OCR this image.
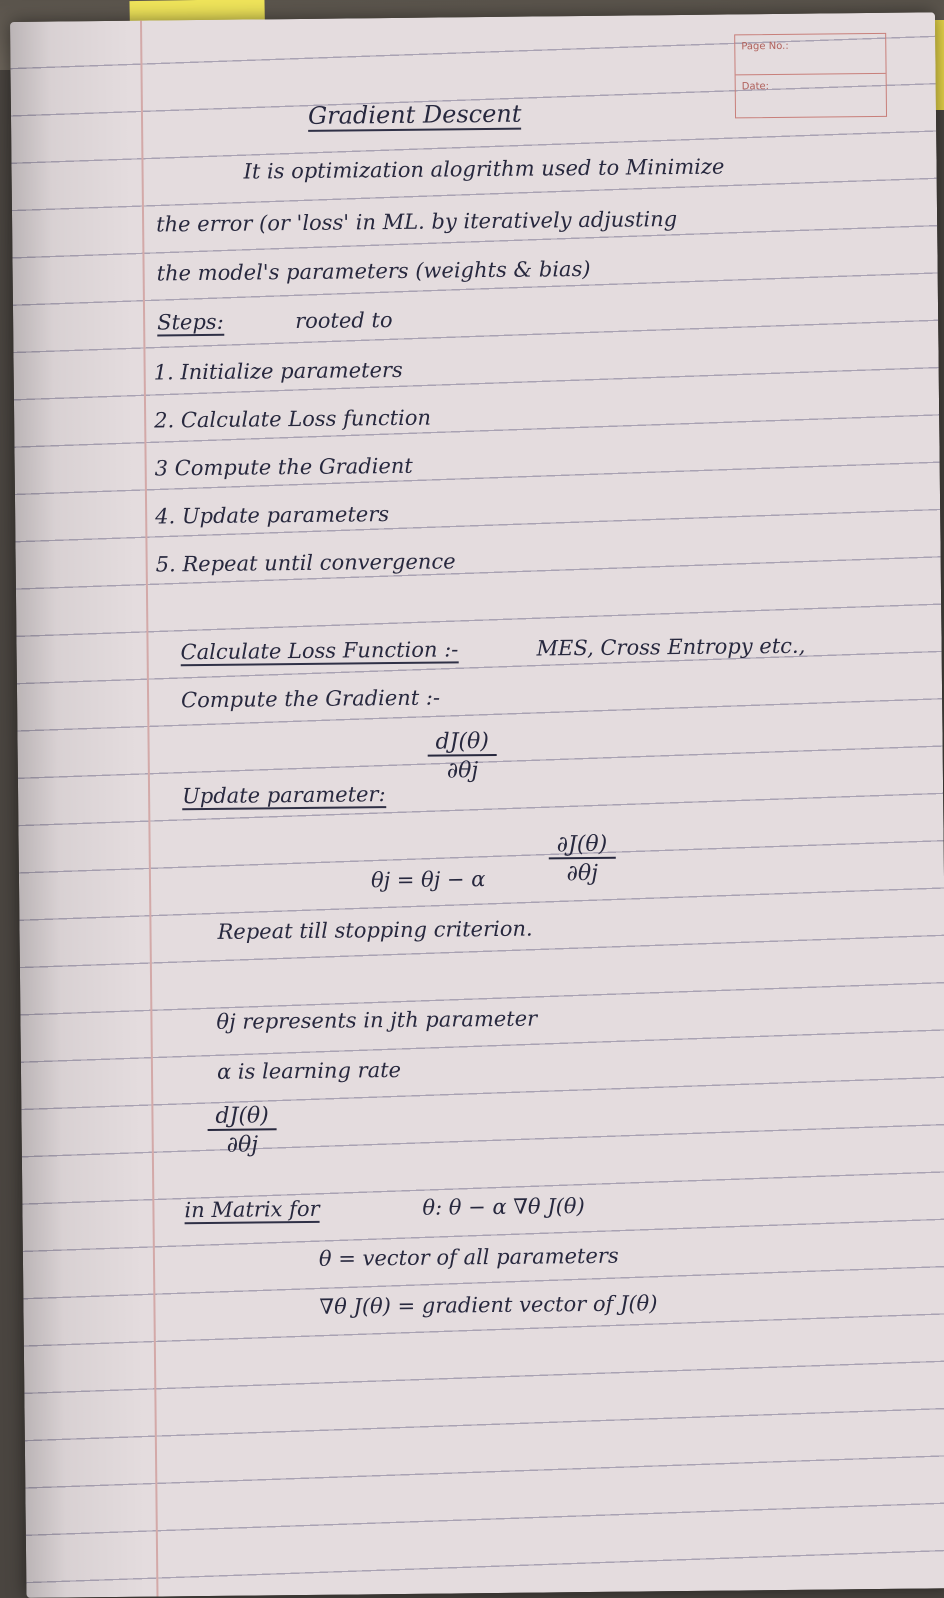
Page No.:
Date:
Gradient Descent
It is optimization alogrithm used to Minimize
the error (or 'loss' in ML. by iteratively adjusting
the model's parameters (weights & bias)
Steps:	rooted to
1. Initialize parameters
2. Calculate Loss function
3 Compute the Gradient
4. Update parameters
5. Repeat until convergence
Calculate Loss Function :-	MES, Cross Entropy etc.,
Compute the Gradient :-
$\frac{dJ(\theta)}{\partial\theta j}$
Update parameter:
θj = θj − α	$\frac{\partial J(\theta)}{\partial\theta j}$
Repeat till stopping criterion.
θj represents in jth parameter
α is learning rate
$\frac{dJ(\theta)}{\partial\theta j}$
in Matrix for	θ: θ − α ∇θ J(θ)
θ = vector of all parameters
∇θ J(θ) = gradient vector of J(θ)
